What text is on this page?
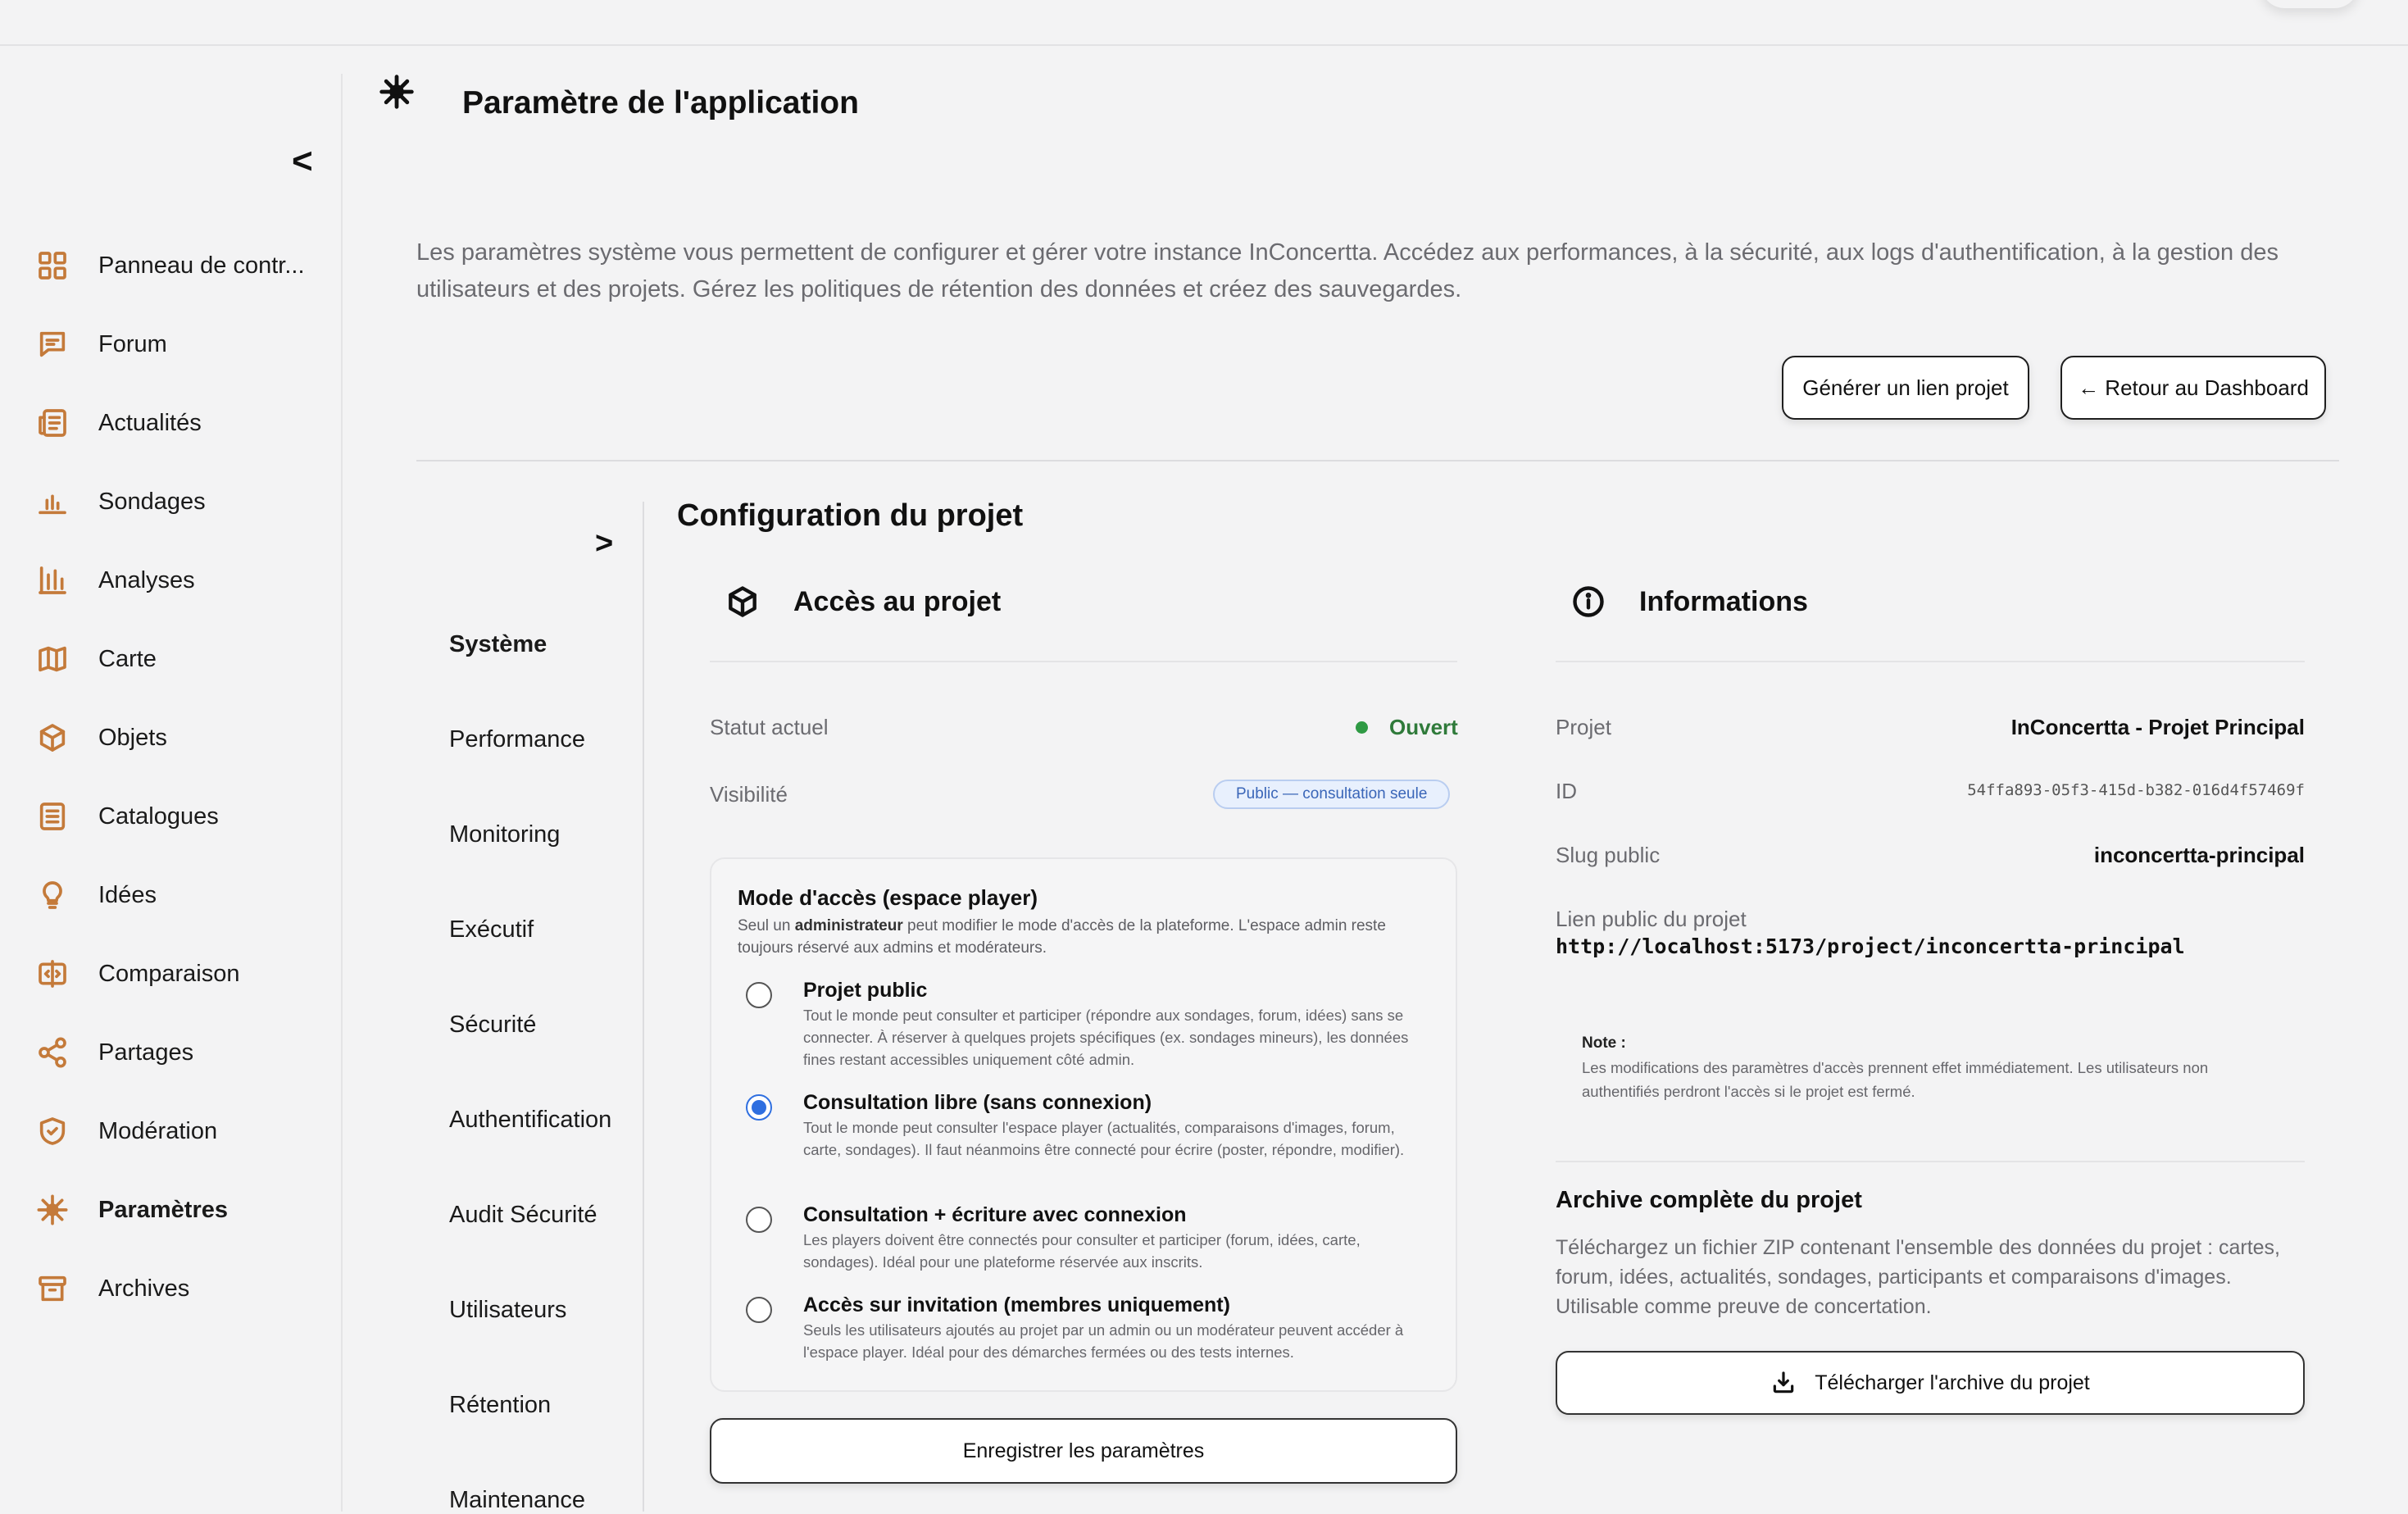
<
Panneau de contr...
Forum
Actualités
Sondages
Analyses
Carte
Objets
Catalogues
Idées
Comparaison
Partages
Modération
Paramètres
Archives
Paramètre de l'application

Les paramètres système vous permettent de configurer et gérer votre instance InConcertta. Accédez aux performances, à la sécurité, aux logs d'authentification, à la gestion des utilisateurs et des projets. Gérez les politiques de rétention des données et créez des sauvegardes.

Générer un lien projet	← Retour au Dashboard
>
Système
Performance
Monitoring
Exécutif
Sécurité
Authentification
Audit Sécurité
Utilisateurs
Rétention
Maintenance
Configuration du projet
Accès au projet
Statut actuel	Ouvert
Visibilité	Public — consultation seule
Mode d'accès (espace player)
Seul un administrateur peut modifier le mode d'accès de la plateforme. L'espace admin reste toujours réservé aux admins et modérateurs.
Projet public
Tout le monde peut consulter et participer (répondre aux sondages, forum, idées) sans se connecter. À réserver à quelques projets spécifiques (ex. sondages mineurs), les données fines restant accessibles uniquement côté admin.
Consultation libre (sans connexion)
Tout le monde peut consulter l'espace player (actualités, comparaisons d'images, forum, carte, sondages). Il faut néanmoins être connecté pour écrire (poster, répondre, modifier).
Consultation + écriture avec connexion
Les players doivent être connectés pour consulter et participer (forum, idées, carte, sondages). Idéal pour une plateforme réservée aux inscrits.
Accès sur invitation (membres uniquement)
Seuls les utilisateurs ajoutés au projet par un admin ou un modérateur peuvent accéder à l'espace player. Idéal pour des démarches fermées ou des tests internes.
Enregistrer les paramètres
Informations
Projet	InConcertta - Projet Principal
ID	54ffa893-05f3-415d-b382-016d4f57469f
Slug public	inconcertta-principal
Lien public du projet
http://localhost:5173/project/inconcertta-principal
Note :
Les modifications des paramètres d'accès prennent effet immédiatement. Les utilisateurs non authentifiés perdront l'accès si le projet est fermé.
Archive complète du projet
Téléchargez un fichier ZIP contenant l'ensemble des données du projet : cartes, forum, idées, actualités, sondages, participants et comparaisons d'images. Utilisable comme preuve de concertation.
Télécharger l'archive du projet
